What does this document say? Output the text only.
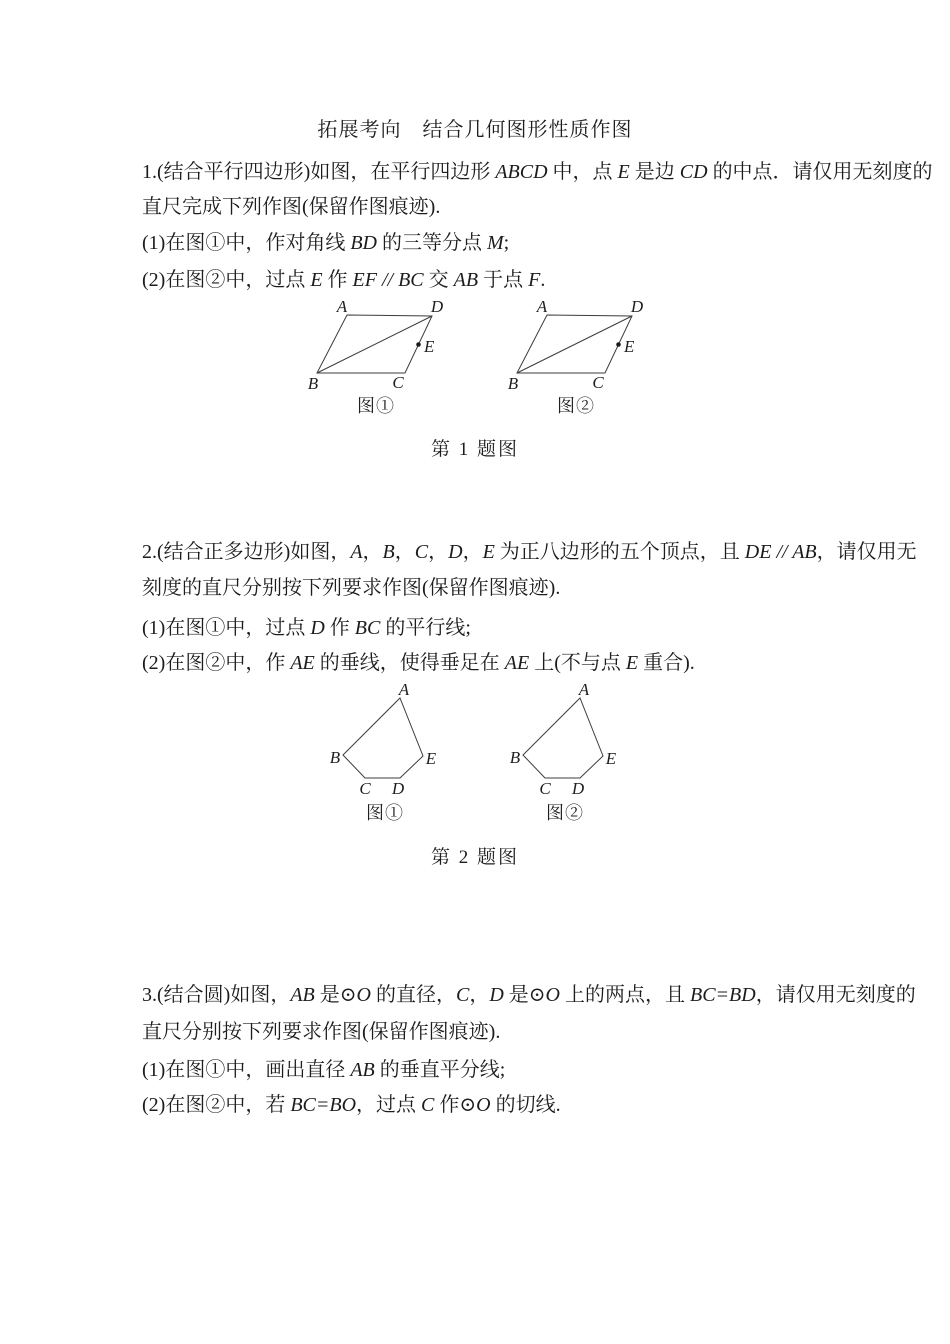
拓展考向　结合几何图形性质作图
1.(结合平行四边形)如图，在平行四边形 ABCD 中，点 E 是边 CD 的中点．请仅用无刻度的
直尺完成下列作图(保留作图痕迹).
(1)在图①中，作对角线 BD 的三等分点 M;
(2)在图②中，过点 E 作 EF // BC 交 AB 于点 F.
A	D
B	C
E
图①
A	D
B	C
E
图②
第 1 题图
2.(结合正多边形)如图，A，B，C，D，E 为正八边形的五个顶点，且 DE // AB，请仅用无
刻度的直尺分别按下列要求作图(保留作图痕迹).
(1)在图①中，过点 D 作 BC 的平行线;
(2)在图②中，作 AE 的垂线，使得垂足在 AE 上(不与点 E 重合).
A
B
C D
E
图①
A
B
C D
E
图②
第 2 题图
3.(结合圆)如图，AB 是⊙O 的直径，C，D 是⊙O 上的两点，且 BC=BD，请仅用无刻度的
直尺分别按下列要求作图(保留作图痕迹).
(1)在图①中，画出直径 AB 的垂直平分线;
(2)在图②中，若 BC=BO，过点 C 作⊙O 的切线.
